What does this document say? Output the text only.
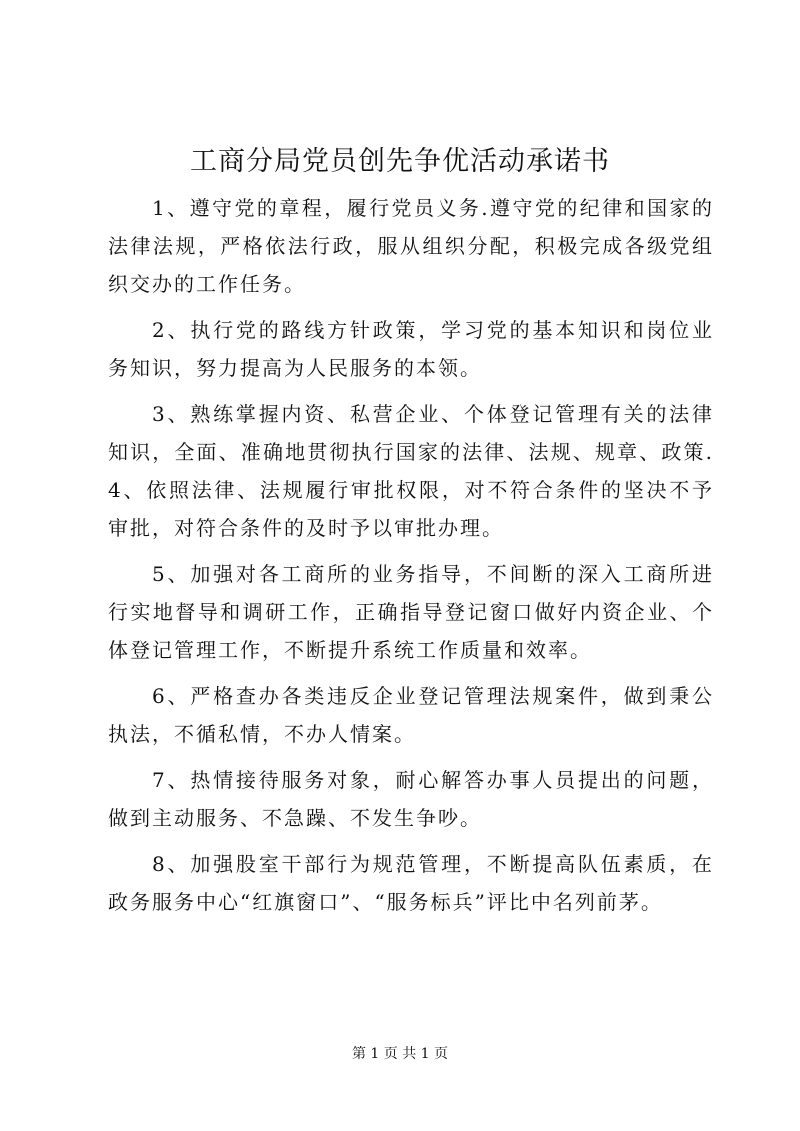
工商分局党员创先争优活动承诺书

1、遵守党的章程，履行党员义务.遵守党的纪律和国家的法律法规，严格依法行政，服从组织分配，积极完成各级党组织交办的工作任务。

2、执行党的路线方针政策，学习党的基本知识和岗位业务知识，努力提高为人民服务的本领。

3、熟练掌握内资、私营企业、个体登记管理有关的法律知识，全面、准确地贯彻执行国家的法律、法规、规章、政策.4、依照法律、法规履行审批权限，对不符合条件的坚决不予审批，对符合条件的及时予以审批办理。

5、加强对各工商所的业务指导，不间断的深入工商所进行实地督导和调研工作，正确指导登记窗口做好内资企业、个体登记管理工作，不断提升系统工作质量和效率。

6、严格查办各类违反企业登记管理法规案件，做到秉公执法，不循私情，不办人情案。

7、热情接待服务对象，耐心解答办事人员提出的问题，做到主动服务、不急躁、不发生争吵。

8、加强股室干部行为规范管理，不断提高队伍素质，在政务服务中心“红旗窗口”、“服务标兵”评比中名列前茅。

第 1 页 共 1 页
